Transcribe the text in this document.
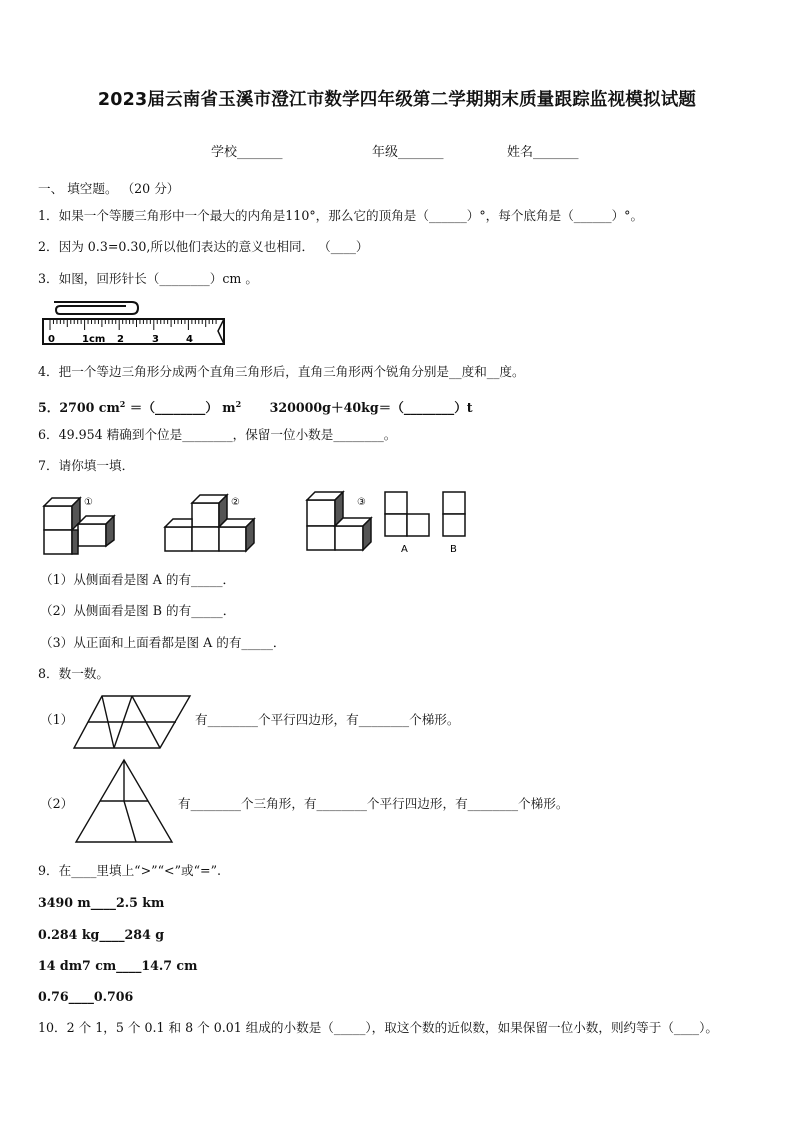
2023届云南省玉溪市澄江市数学四年级第二学期期末质量跟踪监视模拟试题
学校_______	年级_______	姓名_______
一、 填空题。 （20 分）
1．如果一个等腰三角形中一个最大的内角是110°，那么它的顶角是（______）°，每个底角是（______）°。
2．因为 0.3=0.30,所以他们表达的意义也相同． （____）
3．如图，回形针长（________）cm 。
0	1cm 2	3	4
4．把一个等边三角形分成两个直角三角形后，直角三角形两个锐角分别是__度和__度。
5．2700 $cm^2$ ＝（________） $m^2$ 320000g＋40kg＝（________）t
6．49.954 精确到个位是________，保留一位小数是________。
7．请你填一填．
①	②	③
A	B
（1）从侧面看是图 A 的有_____．
（2）从侧面看是图 B 的有_____．
（3）从正面和上面看都是图 A 的有_____．
8．数一数。
（1）	有________个平行四边形，有________个梯形。
（2）	有________个三角形，有________个平行四边形，有________个梯形。
9．在____里填上“>”“<”或“=”.
3490 m____2.5 km
0.284 kg____284 g
14 dm7 cm____14.7 cm
0.76____0.706
10．2 个 1，5 个 0.1 和 8 个 0.01 组成的小数是（_____），取这个数的近似数，如果保留一位小数，则约等于（____）。
